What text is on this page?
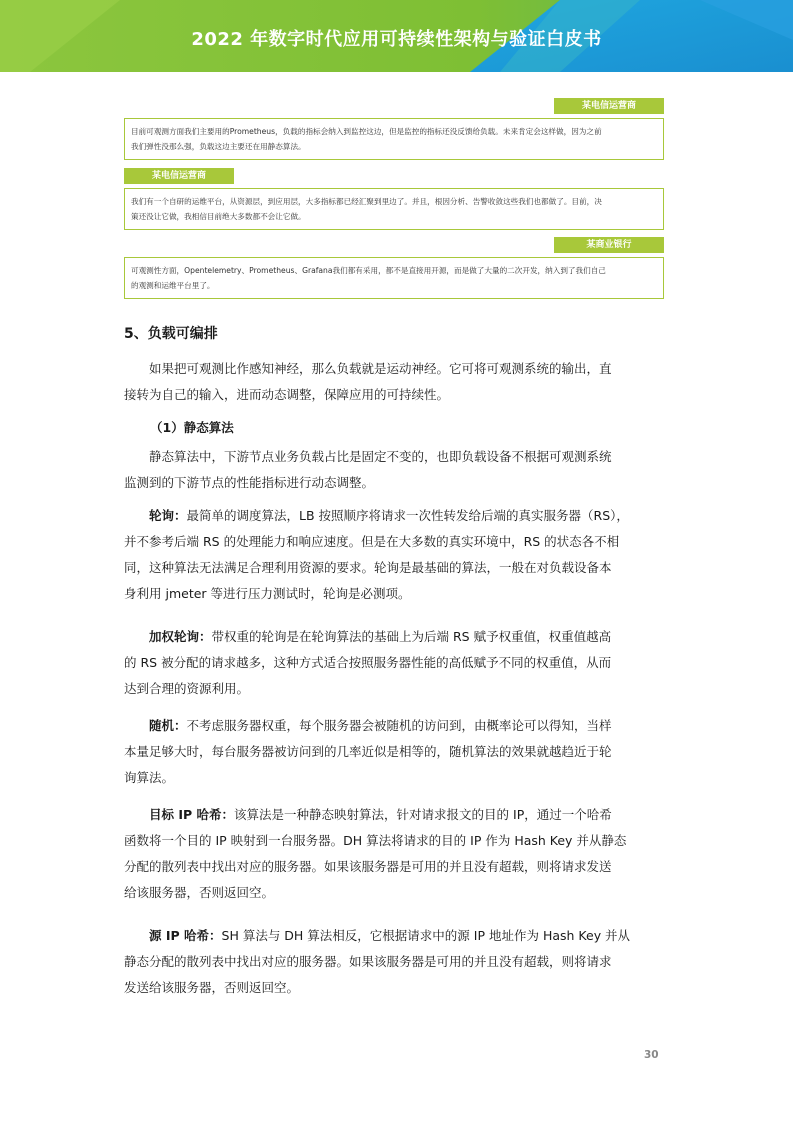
2022 年数字时代应用可持续性架构与验证白皮书
某电信运营商
目前可观测方面我们主要用的Prometheus，负载的指标会纳入到监控这边，但是监控的指标还没反馈给负载。未来肯定会这样做，因为之前
我们弹性没那么强，负载这边主要还在用静态算法。
某电信运营商
我们有一个自研的运维平台，从资源层，到应用层，大多指标都已经汇聚到里边了。并且，根因分析、告警收敛这些我们也都做了。目前，决
策还没让它做，我相信目前绝大多数都不会让它做。
某商业银行
可观测性方面，Opentelemetry、Prometheus、Grafana我们都有采用，都不是直接用开源，而是做了大量的二次开发，纳入到了我们自己
的观测和运维平台里了。
5、负载可编排
如果把可观测比作感知神经，那么负载就是运动神经。它可将可观测系统的输出，直
接转为自己的输入，进而动态调整，保障应用的可持续性。
（1）静态算法
静态算法中，下游节点业务负载占比是固定不变的，也即负载设备不根据可观测系统
监测到的下游节点的性能指标进行动态调整。
轮询：最简单的调度算法，LB 按照顺序将请求一次性转发给后端的真实服务器（RS），
并不参考后端 RS 的处理能力和响应速度。但是在大多数的真实环境中，RS 的状态各不相
同，这种算法无法满足合理利用资源的要求。轮询是最基础的算法，一般在对负载设备本
身利用 jmeter 等进行压力测试时，轮询是必测项。
加权轮询：带权重的轮询是在轮询算法的基础上为后端 RS 赋予权重值，权重值越高
的 RS 被分配的请求越多，这种方式适合按照服务器性能的高低赋予不同的权重值，从而
达到合理的资源利用。
随机：不考虑服务器权重，每个服务器会被随机的访问到，由概率论可以得知，当样
本量足够大时，每台服务器被访问到的几率近似是相等的，随机算法的效果就越趋近于轮
询算法。
目标 IP 哈希：该算法是一种静态映射算法，针对请求报文的目的 IP，通过一个哈希
函数将一个目的 IP 映射到一台服务器。DH 算法将请求的目的 IP 作为 Hash Key 并从静态
分配的散列表中找出对应的服务器。如果该服务器是可用的并且没有超载，则将请求发送
给该服务器，否则返回空。
源 IP 哈希：SH 算法与 DH 算法相反，它根据请求中的源 IP 地址作为 Hash Key 并从
静态分配的散列表中找出对应的服务器。如果该服务器是可用的并且没有超载，则将请求
发送给该服务器，否则返回空。
30
